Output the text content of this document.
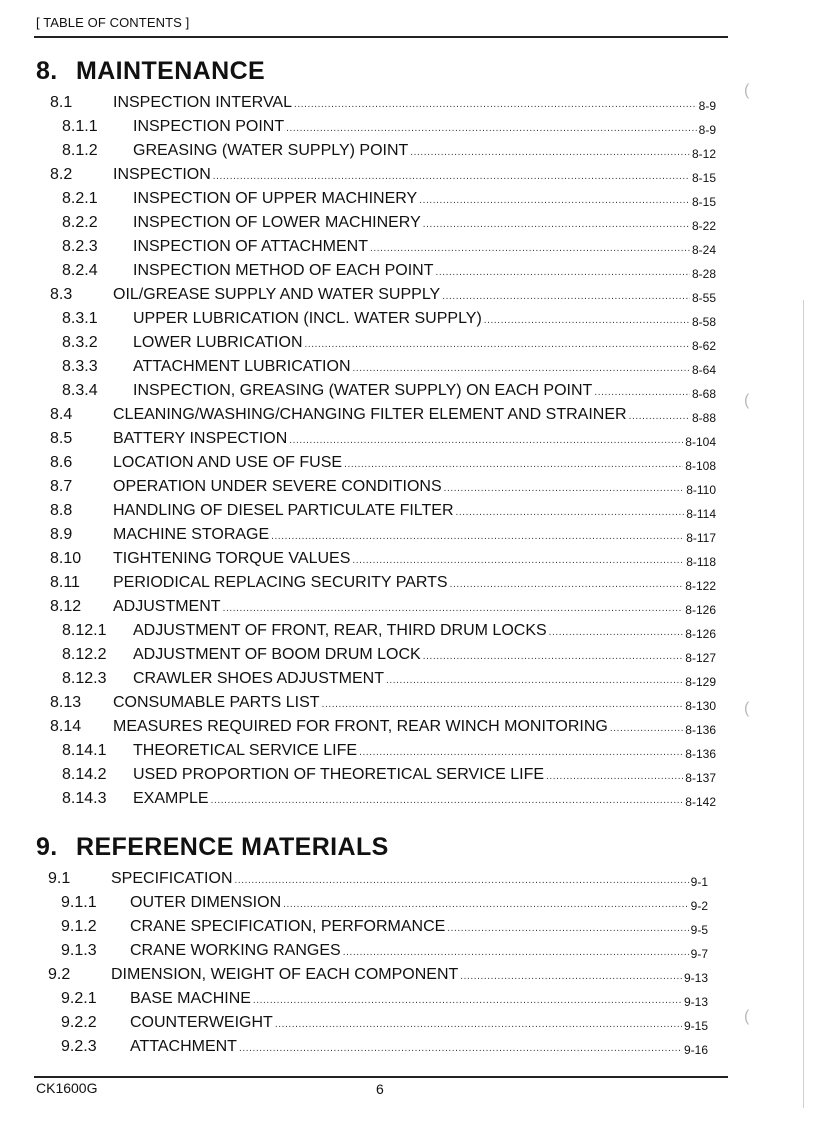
[ TABLE OF CONTENTS ]
8. MAINTENANCE
8.1	INSPECTION INTERVAL .....	8-9
8.1.1	INSPECTION POINT .....	8-9
8.1.2	GREASING (WATER SUPPLY) POINT .....	8-12
8.2	INSPECTION .....	8-15
8.2.1	INSPECTION OF UPPER MACHINERY .....	8-15
8.2.2	INSPECTION OF LOWER MACHINERY .....	8-22
8.2.3	INSPECTION OF ATTACHMENT .....	8-24
8.2.4	INSPECTION METHOD OF EACH POINT .....	8-28
8.3	OIL/GREASE SUPPLY AND WATER SUPPLY .....	8-55
8.3.1	UPPER LUBRICATION (INCL. WATER SUPPLY) .....	8-58
8.3.2	LOWER LUBRICATION .....	8-62
8.3.3	ATTACHMENT LUBRICATION .....	8-64
8.3.4	INSPECTION, GREASING (WATER SUPPLY) ON EACH POINT .....	8-68
8.4	CLEANING/WASHING/CHANGING FILTER ELEMENT AND STRAINER .....	8-88
8.5	BATTERY INSPECTION .....	8-104
8.6	LOCATION AND USE OF FUSE .....	8-108
8.7	OPERATION UNDER SEVERE CONDITIONS .....	8-110
8.8	HANDLING OF DIESEL PARTICULATE FILTER .....	8-114
8.9	MACHINE STORAGE .....	8-117
8.10	TIGHTENING TORQUE VALUES .....	8-118
8.11	PERIODICAL REPLACING SECURITY PARTS .....	8-122
8.12	ADJUSTMENT .....	8-126
8.12.1	ADJUSTMENT OF FRONT, REAR, THIRD DRUM LOCKS .....	8-126
8.12.2	ADJUSTMENT OF BOOM DRUM LOCK .....	8-127
8.12.3	CRAWLER SHOES ADJUSTMENT .....	8-129
8.13	CONSUMABLE PARTS LIST .....	8-130
8.14	MEASURES REQUIRED FOR FRONT, REAR WINCH MONITORING .....	8-136
8.14.1	THEORETICAL SERVICE LIFE .....	8-136
8.14.2	USED PROPORTION OF THEORETICAL SERVICE LIFE .....	8-137
8.14.3	EXAMPLE .....	8-142
9. REFERENCE MATERIALS
9.1	SPECIFICATION .....	9-1
9.1.1	OUTER DIMENSION .....	9-2
9.1.2	CRANE SPECIFICATION, PERFORMANCE .....	9-5
9.1.3	CRANE WORKING RANGES .....	9-7
9.2	DIMENSION, WEIGHT OF EACH COMPONENT .....	9-13
9.2.1	BASE MACHINE .....	9-13
9.2.2	COUNTERWEIGHT .....	9-15
9.2.3	ATTACHMENT .....	9-16
CK1600G	6
(
(
(
(
